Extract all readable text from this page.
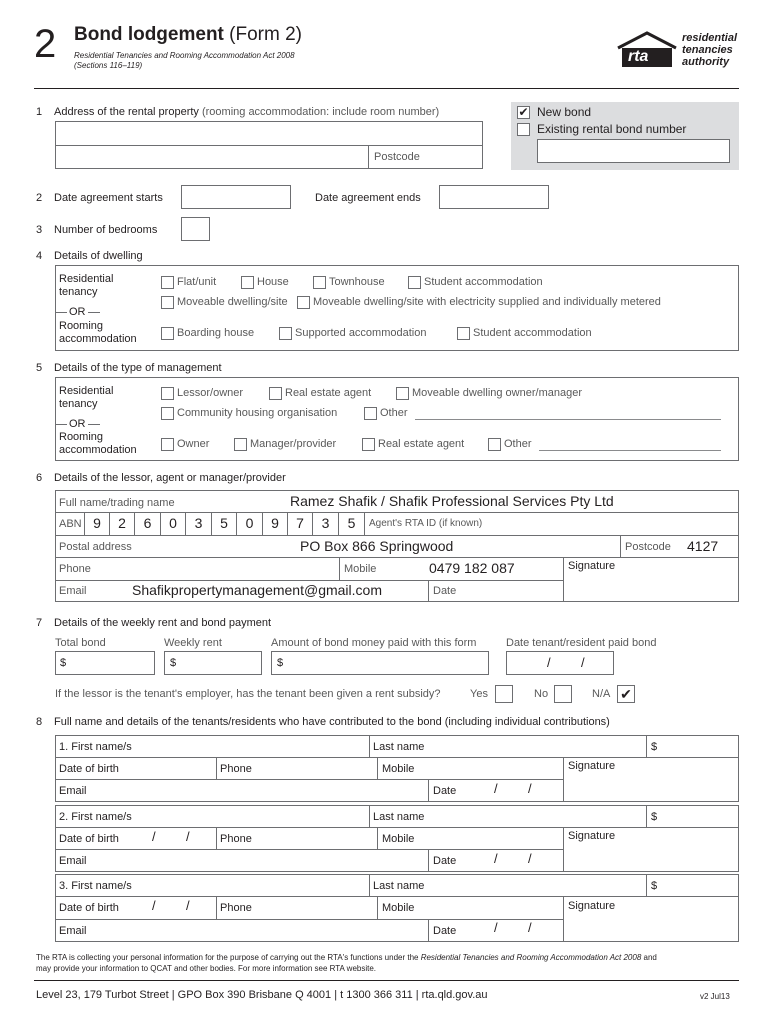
2 Bond lodgement (Form 2)
Residential Tenancies and Rooming Accommodation Act 2008
(Sections 116–119)
rta
residential
tenancies
authority
1 Address of the rental property (rooming accommodation: include room number)
Postcode
✔ New bond
Existing rental bond number
2 Date agreement starts	Date agreement ends
3 Number of bedrooms
4 Details of dwelling
Residential tenancy
OR
Rooming accommodation
Flat/unit	House	Townhouse	Student accommodation
Moveable dwelling/site Moveable dwelling/site with electricity supplied and individually metered
Boarding house	Supported accommodation	Student accommodation
5 Details of the type of management
Residential tenancy
OR
Rooming accommodation
Lessor/owner	Real estate agent	Moveable dwelling owner/manager
Community housing organisation	Other
Owner	Manager/provider	Real estate agent	Other
6 Details of the lessor, agent or manager/provider
Full name/trading name	Ramez Shafik / Shafik Professional Services Pty Ltd
ABN 9	2	6	0	3	5	0	9	7	3	5	Agent's RTA ID (if known)
Postal address	PO Box 866 Springwood	Postcode 4127
Phone	Mobile	0479 182 087	Signature
Email	Shafikpropertymanagement@gmail.com	Date
7 Details of the weekly rent and bond payment
Total bond	Weekly rent	Amount of bond money paid with this form	Date tenant/resident paid bond
$	$	$	/ /
If the lessor is the tenant's employer, has the tenant been given a rent subsidy?	Yes	No	N/A ✔
8 Full name and details of the tenants/residents who have contributed to the bond (including individual contributions)
1. First name/s	Last name	$
Date of birth	Phone	Mobile	Signature
Email	Date	/ /
2. First name/s	Last name	$
Date of birth	/ /	Phone	Mobile	Signature
Email	Date	/ /
3. First name/s	Last name	$
Date of birth	/ /	Phone	Mobile	Signature
Email	Date	/ /
The RTA is collecting your personal information for the purpose of carrying out the RTA's functions under the Residential Tenancies and Rooming Accommodation Act 2008 and
may provide your information to QCAT and other bodies. For more information see RTA website.
Level 23, 179 Turbot Street | GPO Box 390 Brisbane Q 4001 | t 1300 366 311 | rta.qld.gov.au	v2 Jul13
